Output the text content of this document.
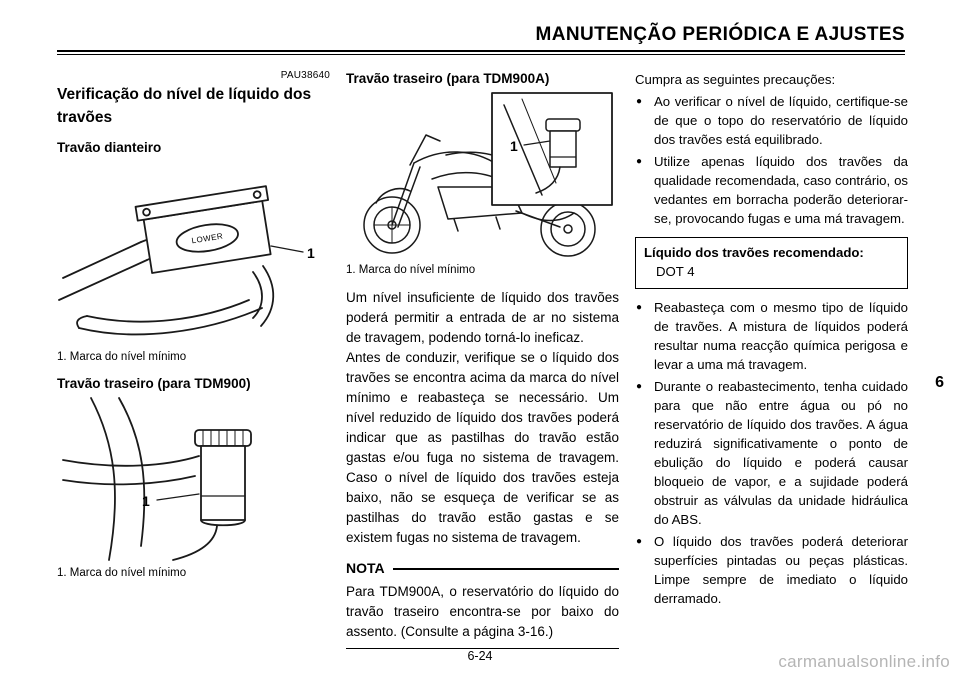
MANUTENÇÃO PERIÓDICA E AJUSTES
PAU38640
Verificação do nível de líquido dos travões
Travão dianteiro
LOWER
1
1. Marca do nível mínimo
Travão traseiro (para TDM900)
1
1. Marca do nível mínimo
Travão traseiro (para TDM900A)
1
1. Marca do nível mínimo

Um nível insuficiente de líquido dos travões poderá permitir a entrada de ar no sistema de travagem, podendo torná-lo ineficaz.

Antes de conduzir, verifique se o líquido dos travões se encontra acima da marca do nível mínimo e reabasteça se necessário. Um nível reduzido de líquido dos travões poderá indicar que as pastilhas do travão estão gastas e/ou fuga no sistema de travagem. Caso o nível de líquido dos travões esteja baixo, não se esqueça de verificar se as pastilhas do travão estão gastas e se existem fugas no sistema de travagem.

NOTA

Para TDM900A, o reservatório do líquido do travão traseiro encontra-se por baixo do assento. (Consulte a página 3-16.)

Cumpra as seguintes precauções:

● Ao verificar o nível de líquido, certifique-se de que o topo do reservatório de líquido dos travões está equilibrado.
● Utilize apenas líquido dos travões da qualidade recomendada, caso contrário, os vedantes em borracha poderão deteriorar-se, provocando fugas e uma má travagem.
Líquido dos travões recomendado:
DOT 4
● Reabasteça com o mesmo tipo de líquido de travões. A mistura de líquidos poderá resultar numa reacção química perigosa e levar a uma má travagem.
● Durante o reabastecimento, tenha cuidado para que não entre água ou pó no reservatório de líquido dos travões. A água reduzirá significativamente o ponto de ebulição do líquido e poderá causar bloqueio de vapor, e a sujidade poderá obstruir as válvulas da unidade hidráulica do ABS.
● O líquido dos travões poderá deteriorar superfícies pintadas ou peças plásticas. Limpe sempre de imediato o líquido derramado.
6
6-24	carmanualsonline.info
